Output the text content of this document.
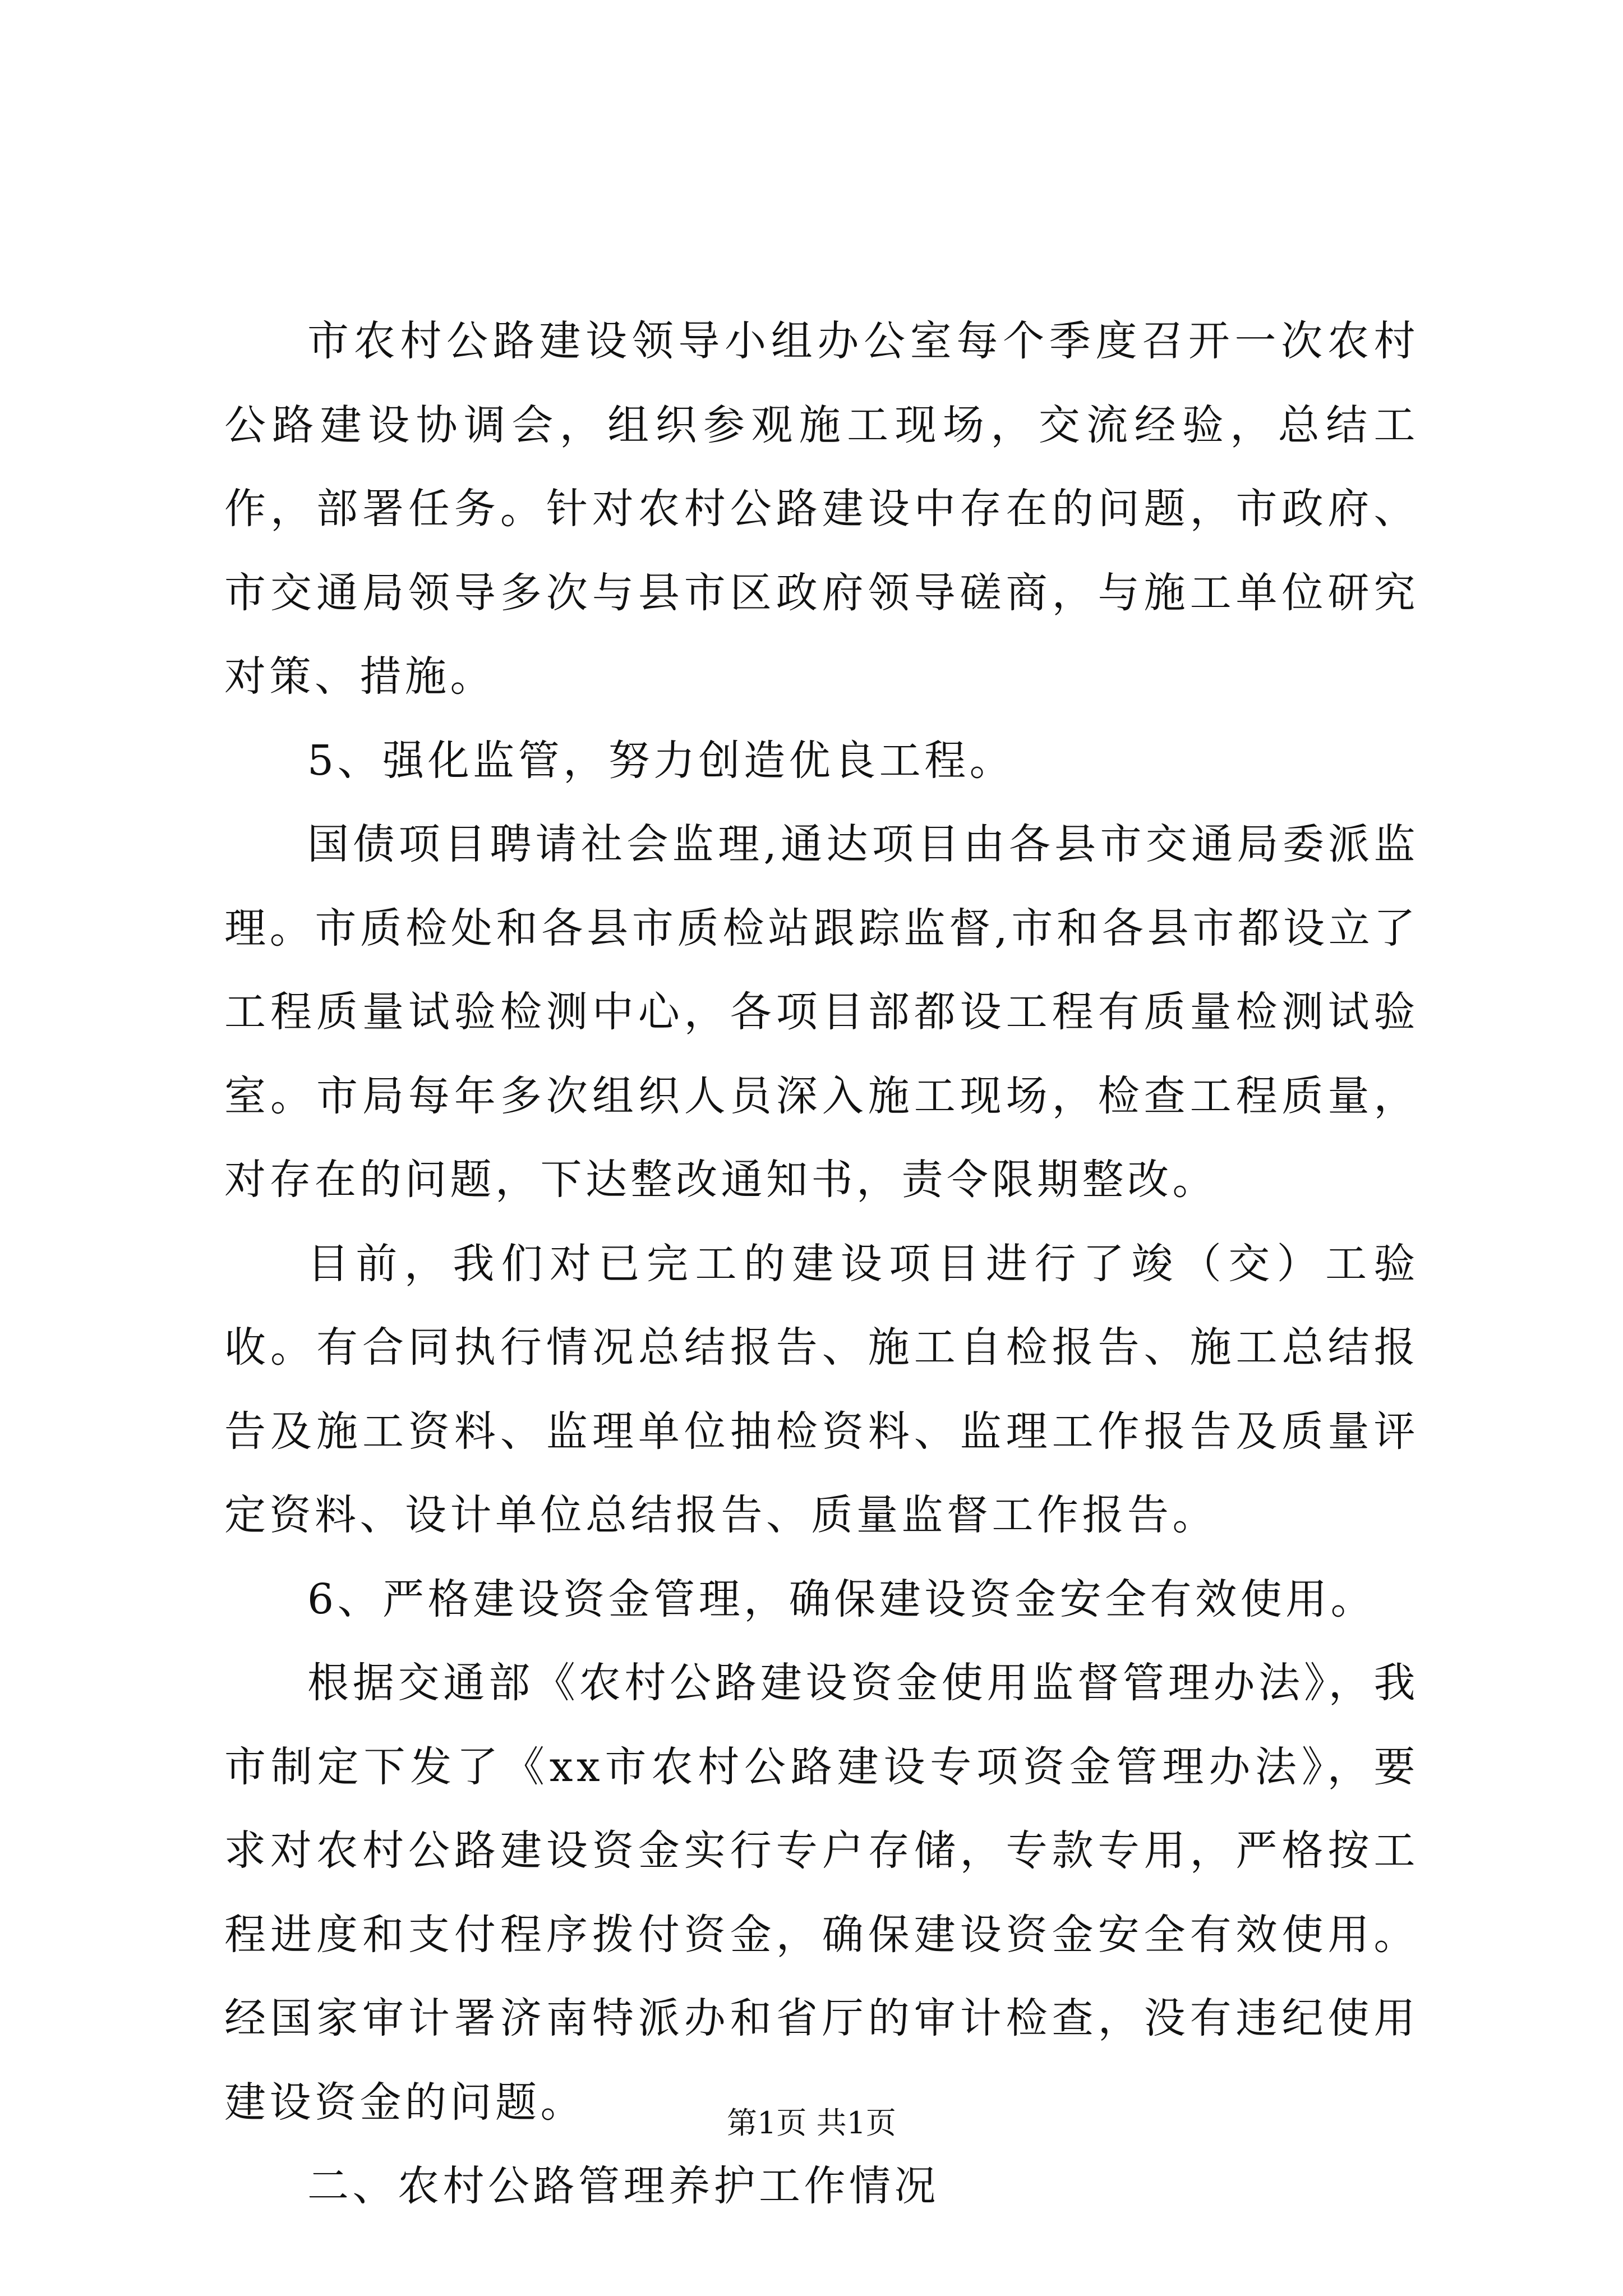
市农村公路建设领导小组办公室每个季度召开一次农村公路建设协调会，组织参观施工现场，交流经验，总结工作，部署任务。针对农村公路建设中存在的问题，市政府、市交通局领导多次与县市区政府领导磋商，与施工单位研究对策、措施。

5、强化监管，努力创造优良工程。

国债项目聘请社会监理,通达项目由各县市交通局委派监理。市质检处和各县市质检站跟踪监督,市和各县市都设立了工程质量试验检测中心，各项目部都设工程有质量检测试验室。市局每年多次组织人员深入施工现场，检查工程质量，对存在的问题，下达整改通知书，责令限期整改。

目前，我们对已完工的建设项目进行了竣（交）工验收。有合同执行情况总结报告、施工自检报告、施工总结报告及施工资料、监理单位抽检资料、监理工作报告及质量评定资料、设计单位总结报告、质量监督工作报告。

6、严格建设资金管理，确保建设资金安全有效使用。

根据交通部《农村公路建设资金使用监督管理办法》，我市制定下发了《xx市农村公路建设专项资金管理办法》，要求对农村公路建设资金实行专户存储，专款专用，严格按工程进度和支付程序拨付资金，确保建设资金安全有效使用。经国家审计署济南特派办和省厅的审计检查，没有违纪使用建设资金的问题。

二、农村公路管理养护工作情况

第1页 共1页
